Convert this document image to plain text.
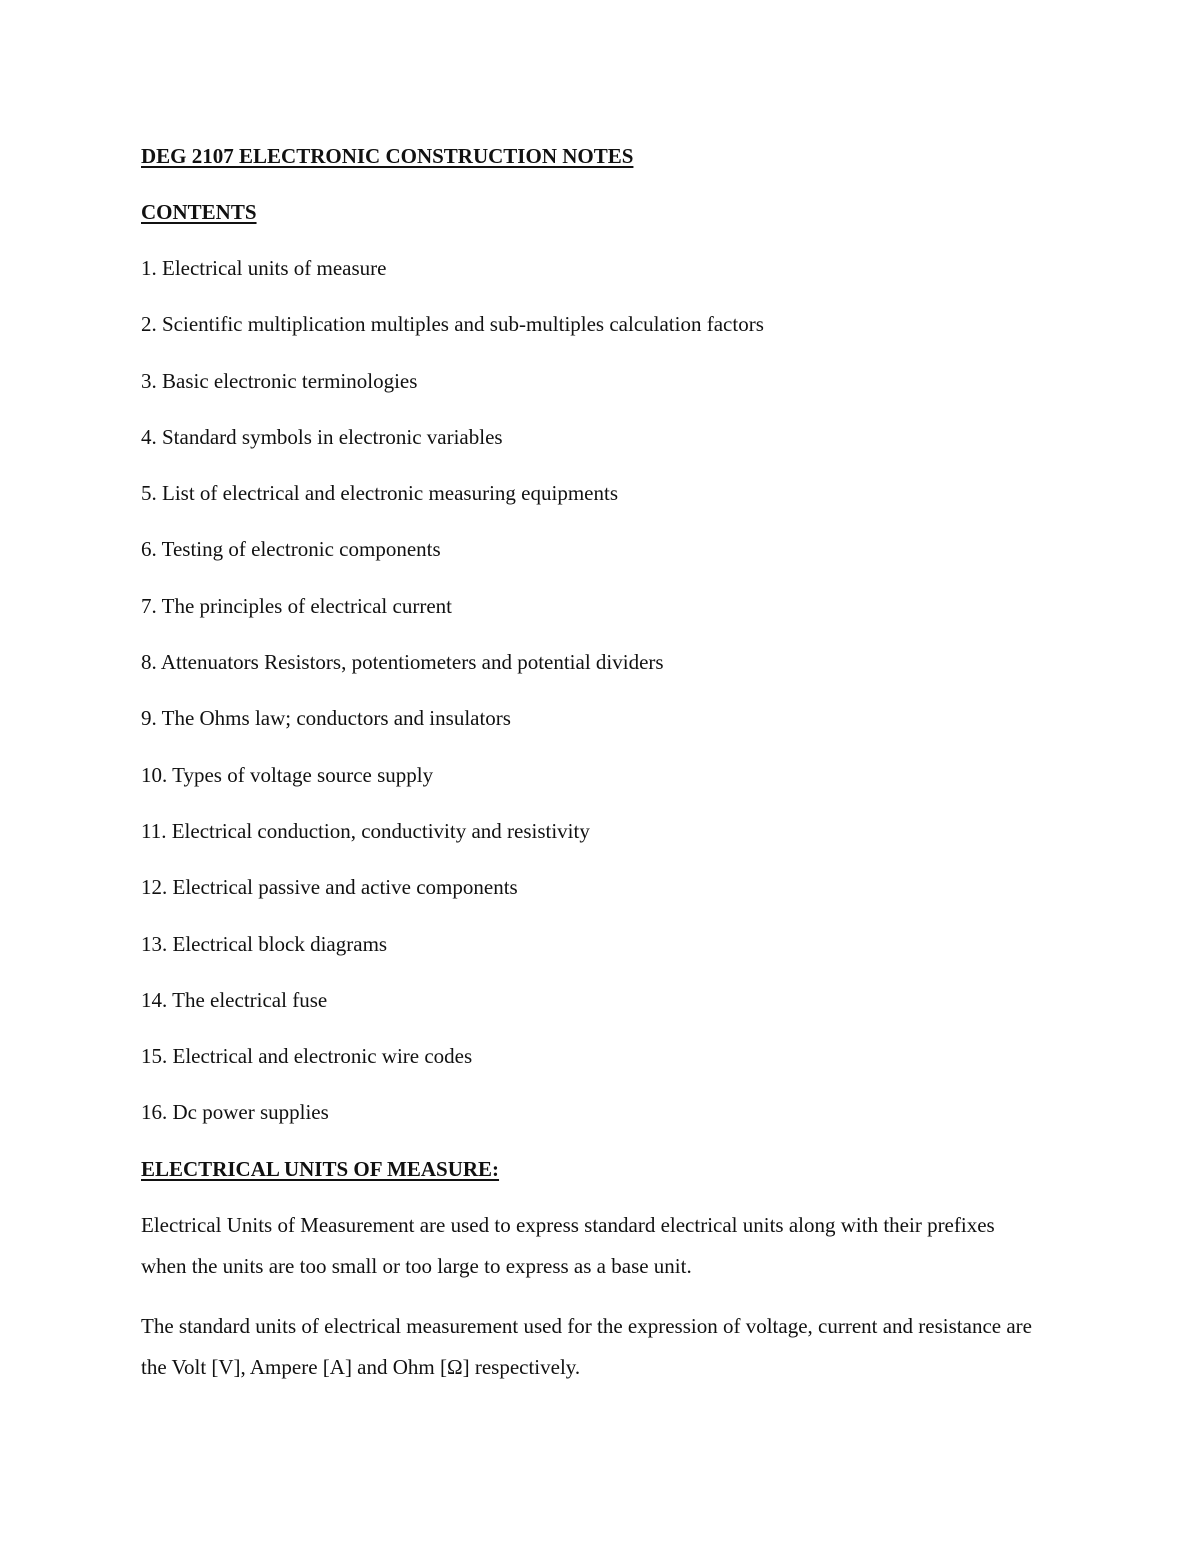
DEG 2107 ELECTRONIC CONSTRUCTION NOTES
CONTENTS
1. Electrical units of measure
2. Scientific multiplication multiples and sub-multiples calculation factors
3. Basic electronic terminologies
4. Standard symbols in electronic variables
5. List of electrical and electronic measuring equipments
6. Testing of electronic components
7. The principles of electrical current
8. Attenuators Resistors, potentiometers and potential dividers
9. The Ohms law; conductors and insulators
10. Types of voltage source supply
11. Electrical conduction, conductivity and resistivity
12. Electrical passive and active components
13. Electrical block diagrams
14. The electrical fuse
15. Electrical and electronic wire codes
16. Dc power supplies
ELECTRICAL UNITS OF MEASURE:

Electrical Units of Measurement are used to express standard electrical units along with their prefixes when the units are too small or too large to express as a base unit.

The standard units of electrical measurement used for the expression of voltage, current and resistance are the Volt [V], Ampere [A] and Ohm [Ω] respectively.
